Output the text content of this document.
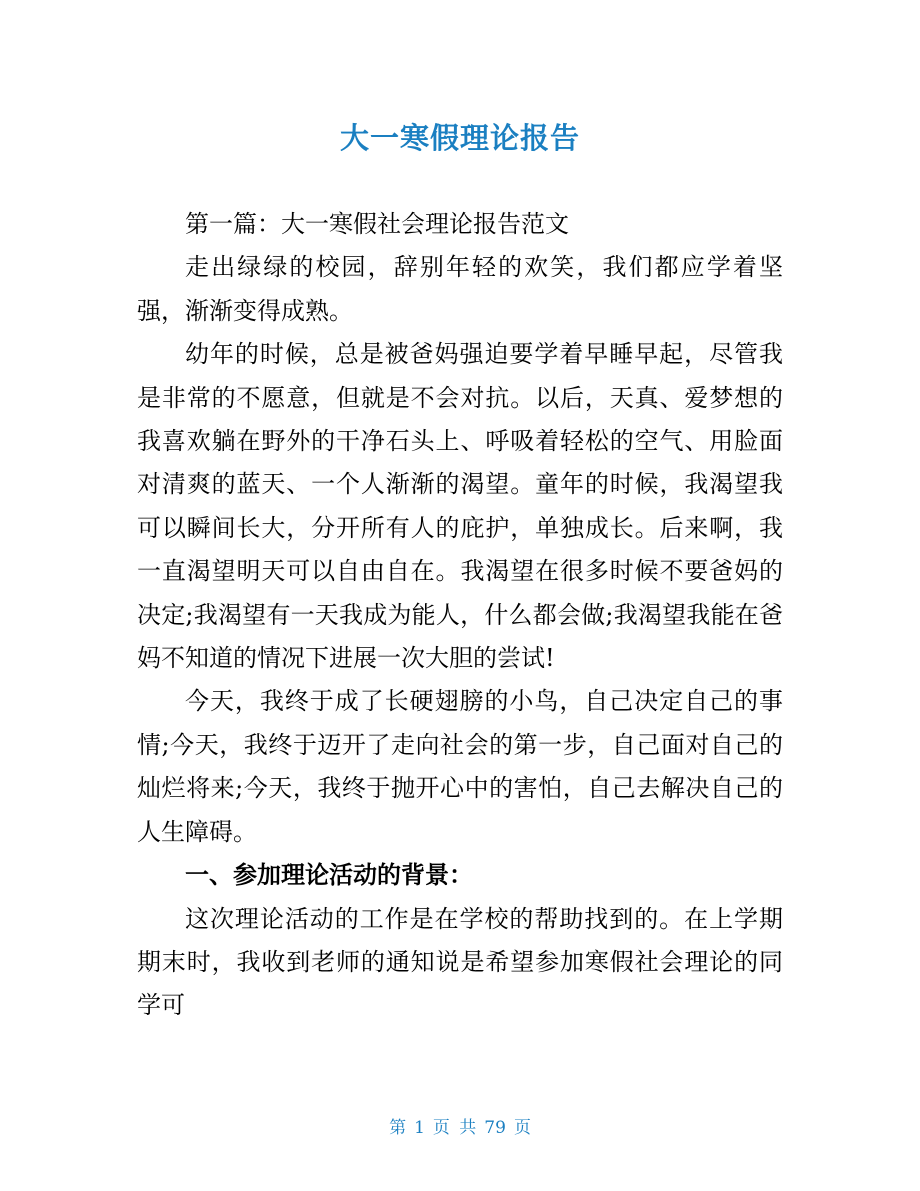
大一寒假理论报告

第一篇：大一寒假社会理论报告范文

走出绿绿的校园，辞别年轻的欢笑，我们都应学着坚强，渐渐变得成熟。

幼年的时候，总是被爸妈强迫要学着早睡早起，尽管我是非常的不愿意，但就是不会对抗。以后，天真、爱梦想的我喜欢躺在野外的干净石头上、呼吸着轻松的空气、用脸面对清爽的蓝天、一个人渐渐的渴望。童年的时候，我渴望我可以瞬间长大，分开所有人的庇护，单独成长。后来啊，我一直渴望明天可以自由自在。我渴望在很多时候不要爸妈的决定;我渴望有一天我成为能人，什么都会做;我渴望我能在爸妈不知道的情况下进展一次大胆的尝试!

今天，我终于成了长硬翅膀的小鸟，自己决定自己的事情;今天，我终于迈开了走向社会的第一步，自己面对自己的灿烂将来;今天，我终于抛开心中的害怕，自己去解决自己的人生障碍。

一、参加理论活动的背景：

这次理论活动的工作是在学校的帮助找到的。在上学期期末时，我收到老师的通知说是希望参加寒假社会理论的同学可

第 1 页 共 79 页
